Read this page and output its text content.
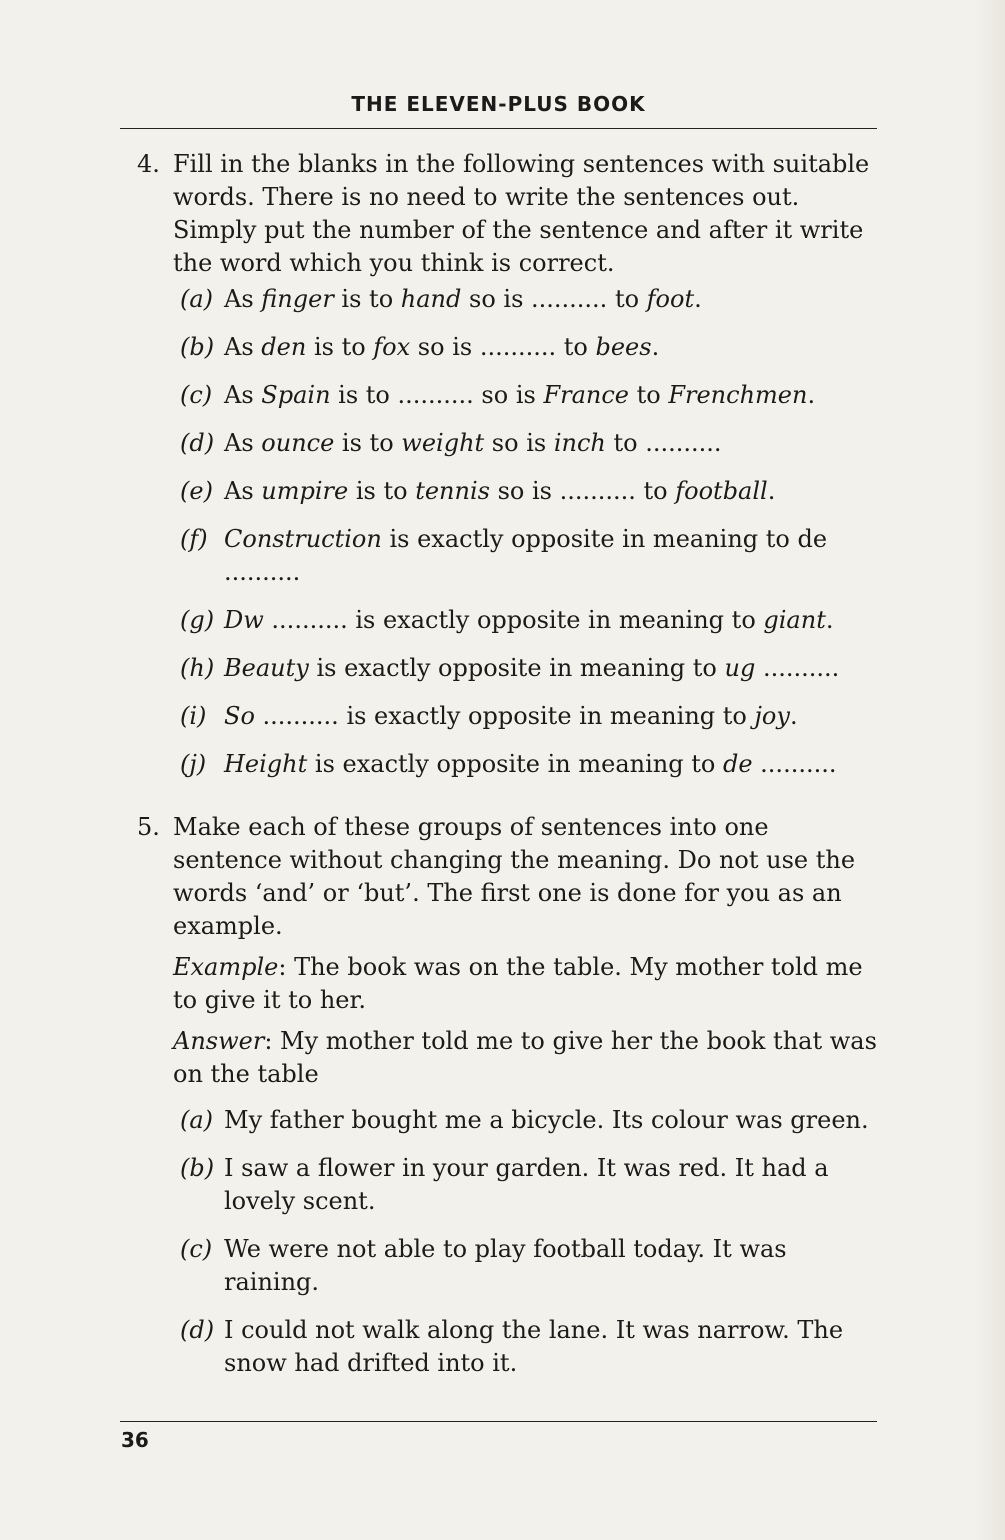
THE ELEVEN-PLUS BOOK
4. Fill in the blanks in the following sentences with suitable words. There is no need to write the sentences out. Simply put the number of the sentence and after it write the word which you think is correct.

(a) As finger is to hand so is .......... to foot.
(b) As den is to fox so is .......... to bees.
(c) As Spain is to .......... so is France to Frenchmen.
(d) As ounce is to weight so is inch to ..........
(e) As umpire is to tennis so is .......... to football.
(f) Construction is exactly opposite in meaning to de ..........
(g) Dw .......... is exactly opposite in meaning to giant.
(h) Beauty is exactly opposite in meaning to ug ..........
(i) So .......... is exactly opposite in meaning to joy.
(j) Height is exactly opposite in meaning to de ..........
5. Make each of these groups of sentences into one sentence without changing the meaning. Do not use the words ‘and’ or ‘but’. The first one is done for you as an example.

Example: The book was on the table. My mother told me to give it to her.
Answer: My mother told me to give her the book that was on the table
(a) My father bought me a bicycle. Its colour was green.
(b) I saw a flower in your garden. It was red. It had a lovely scent.
(c) We were not able to play football today. It was raining.
(d) I could not walk along the lane. It was narrow. The snow had drifted into it.
36
